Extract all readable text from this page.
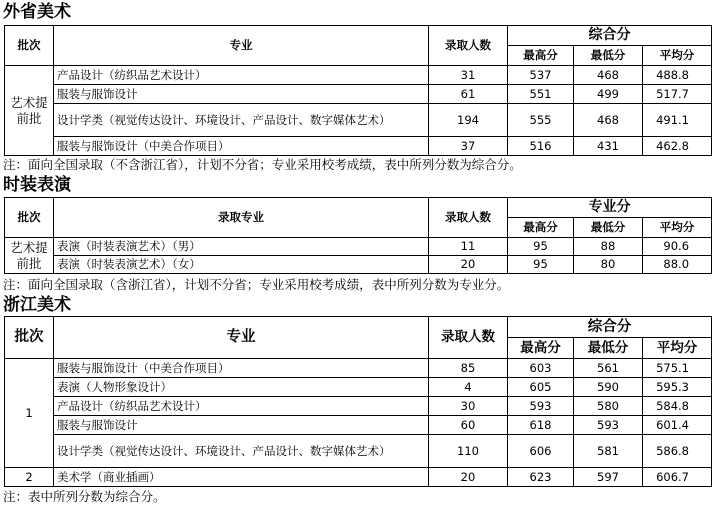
外省美术
批次	专业	录取人数	综合分		
			最高分	最低分	平均分
艺术提前批	产品设计（纺织品艺术设计）	31	537	468	488.8
	服装与服饰设计	61	551	499	517.7
	设计学类（视觉传达设计、环境设计、产品设计、数字媒体艺术）	194	555	468	491.1
	服装与服饰设计（中美合作项目）	37	516	431	462.8
注：面向全国录取（不含浙江省），计划不分省；专业采用校考成绩，表中所列分数为综合分。
时装表演
批次	录取专业	录取人数	专业分		
			最高分	最低分	平均分
艺术提前批	表演（时装表演艺术）（男）	11	95	88	90.6
	表演（时装表演艺术）（女）	20	95	80	88.0
注：面向全国录取（含浙江省），计划不分省；专业采用校考成绩，表中所列分数为专业分。
浙江美术
批次	专业	录取人数	综合分		
			最高分	最低分	平均分
1	服装与服饰设计（中美合作项目）	85	603	561	575.1
	表演（人物形象设计）	4	605	590	595.3
	产品设计（纺织品艺术设计）	30	593	580	584.8
	服装与服饰设计	60	618	593	601.4
	设计学类（视觉传达设计、环境设计、产品设计、数字媒体艺术）	110	606	581	586.8
2	美术学（商业插画）	20	623	597	606.7
注：表中所列分数为综合分。
